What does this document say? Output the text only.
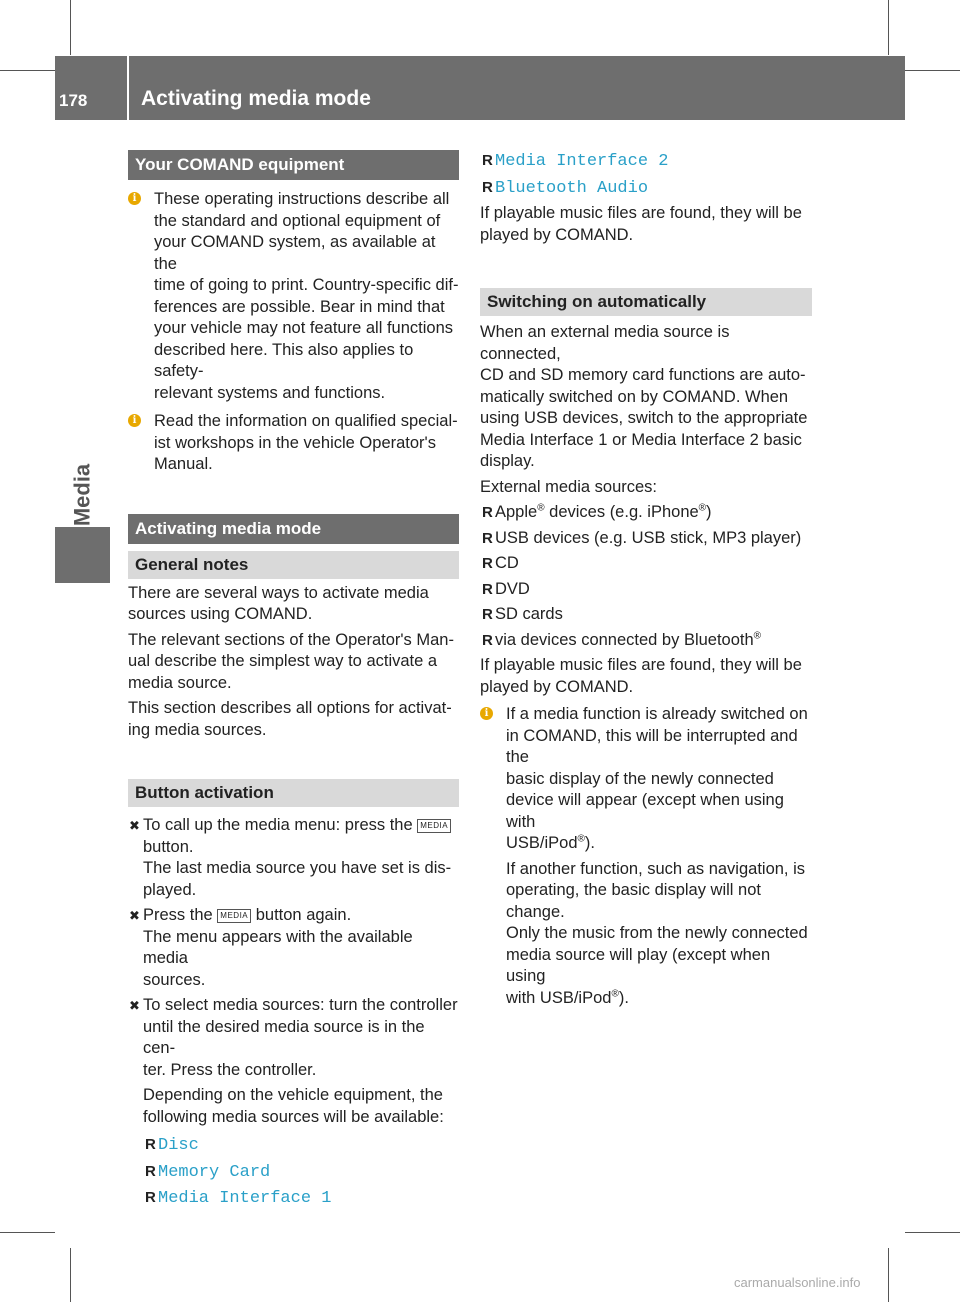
178	Activating media mode
Media
Your COMAND equipment
i These operating instructions describe all
the standard and optional equipment of
your COMAND system, as available at the
time of going to print. Country-specific dif-
ferences are possible. Bear in mind that
your vehicle may not feature all functions
described here. This also applies to safety-
relevant systems and functions.
i Read the information on qualified special-
ist workshops in the vehicle Operator's
Manual.
Activating media mode
General notes

There are several ways to activate media
sources using COMAND.

The relevant sections of the Operator's Man-
ual describe the simplest way to activate a
media source.

This section describes all options for activat-
ing media sources.

Button activation
✖ To call up the media menu: press the MEDIA
button.
The last media source you have set is dis-
played.
✖ Press the MEDIA button again.
The menu appears with the available media
sources.
✖ To select media sources: turn the controller
until the desired media source is in the cen-
ter. Press the controller.
Depending on the vehicle equipment, the
following media sources will be available:
R Disc
R Memory Card
R Media Interface 1
R Media Interface 2
R Bluetooth Audio

If playable music files are found, they will be
played by COMAND.

Switching on automatically

When an external media source is connected,
CD and SD memory card functions are auto-
matically switched on by COMAND. When
using USB devices, switch to the appropriate
Media Interface 1 or Media Interface 2 basic
display.

External media sources:

R Apple® devices (e.g. iPhone®)
R USB devices (e.g. USB stick, MP3 player)
R CD
R DVD
R SD cards
R via devices connected by Bluetooth®

If playable music files are found, they will be
played by COMAND.

i If a media function is already switched on
in COMAND, this will be interrupted and the
basic display of the newly connected
device will appear (except when using with
USB/iPod®).
If another function, such as navigation, is
operating, the basic display will not change.
Only the music from the newly connected
media source will play (except when using
with USB/iPod®).
carmanualsonline.info
